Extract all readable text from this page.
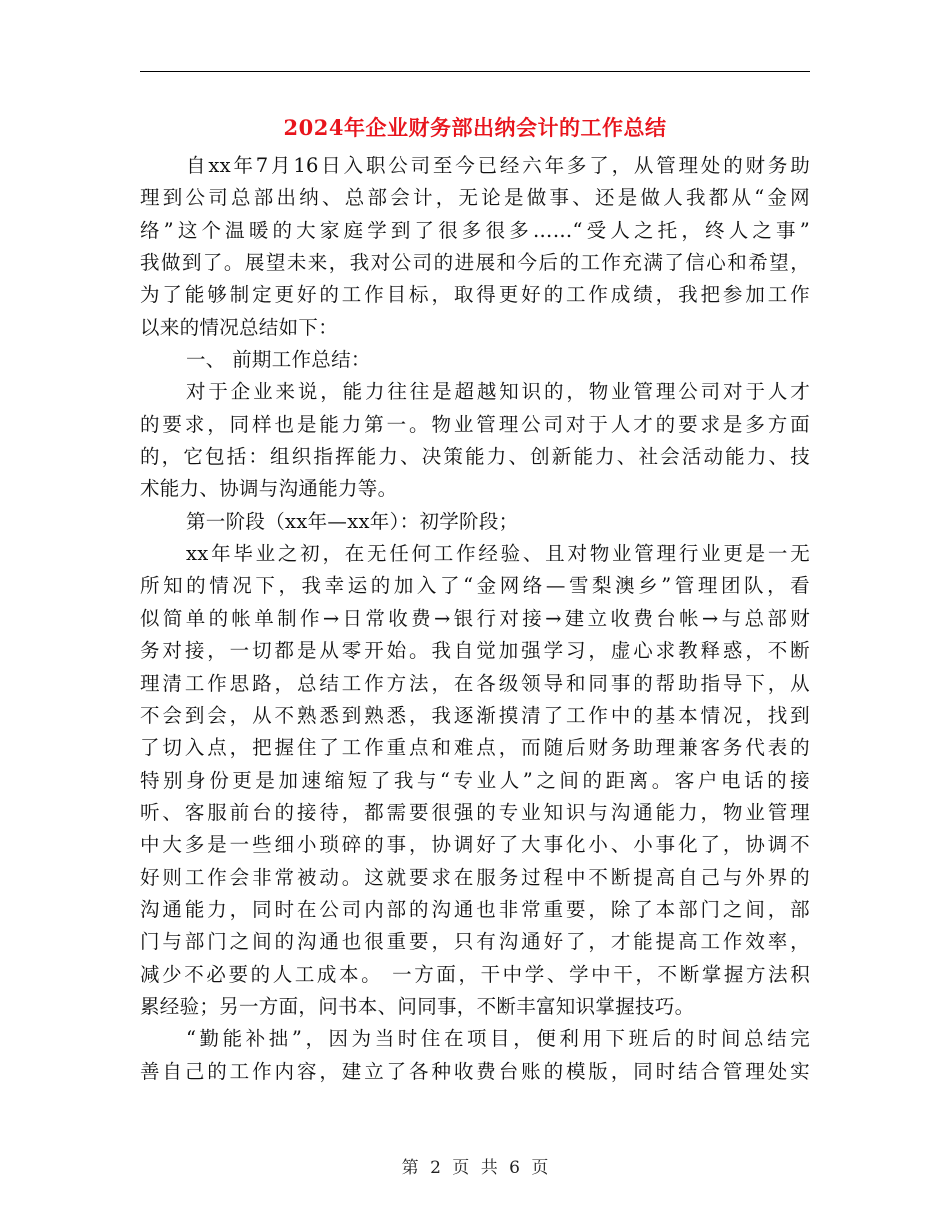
2024年企业财务部出纳会计的工作总结
自xx年7月16日入职公司至今已经六年多了，从管理处的财务助
理到公司总部出纳、总部会计，无论是做事、还是做人我都从“金网
络”这个温暖的大家庭学到了很多很多……“受人之托，终人之事”
我做到了。展望未来，我对公司的进展和今后的工作充满了信心和希望，
为了能够制定更好的工作目标，取得更好的工作成绩，我把参加工作
以来的情况总结如下：
一、 前期工作总结：
对于企业来说，能力往往是超越知识的，物业管理公司对于人才
的要求，同样也是能力第一。物业管理公司对于人才的要求是多方面
的，它包括：组织指挥能力、决策能力、创新能力、社会活动能力、技
术能力、协调与沟通能力等。
第一阶段（xx年—xx年）：初学阶段；
xx年毕业之初，在无任何工作经验、且对物业管理行业更是一无
所知的情况下，我幸运的加入了“金网络—雪梨澳乡”管理团队，看
似简单的帐单制作→日常收费→银行对接→建立收费台帐→与总部财
务对接，一切都是从零开始。我自觉加强学习，虚心求教释惑，不断
理清工作思路，总结工作方法，在各级领导和同事的帮助指导下，从
不会到会，从不熟悉到熟悉，我逐渐摸清了工作中的基本情况，找到
了切入点，把握住了工作重点和难点，而随后财务助理兼客务代表的
特别身份更是加速缩短了我与“专业人”之间的距离。客户电话的接
听、客服前台的接待，都需要很强的专业知识与沟通能力，物业管理
中大多是一些细小琐碎的事，协调好了大事化小、小事化了，协调不
好则工作会非常被动。这就要求在服务过程中不断提高自己与外界的
沟通能力，同时在公司内部的沟通也非常重要，除了本部门之间，部
门与部门之间的沟通也很重要，只有沟通好了，才能提高工作效率，
减少不必要的人工成本。 一方面，干中学、学中干，不断掌握方法积
累经验；另一方面，问书本、问同事，不断丰富知识掌握技巧。
“勤能补拙”，因为当时住在项目，便利用下班后的时间总结完
善自己的工作内容，建立了各种收费台账的模版，同时结合管理处实
第 2 页 共 6 页
